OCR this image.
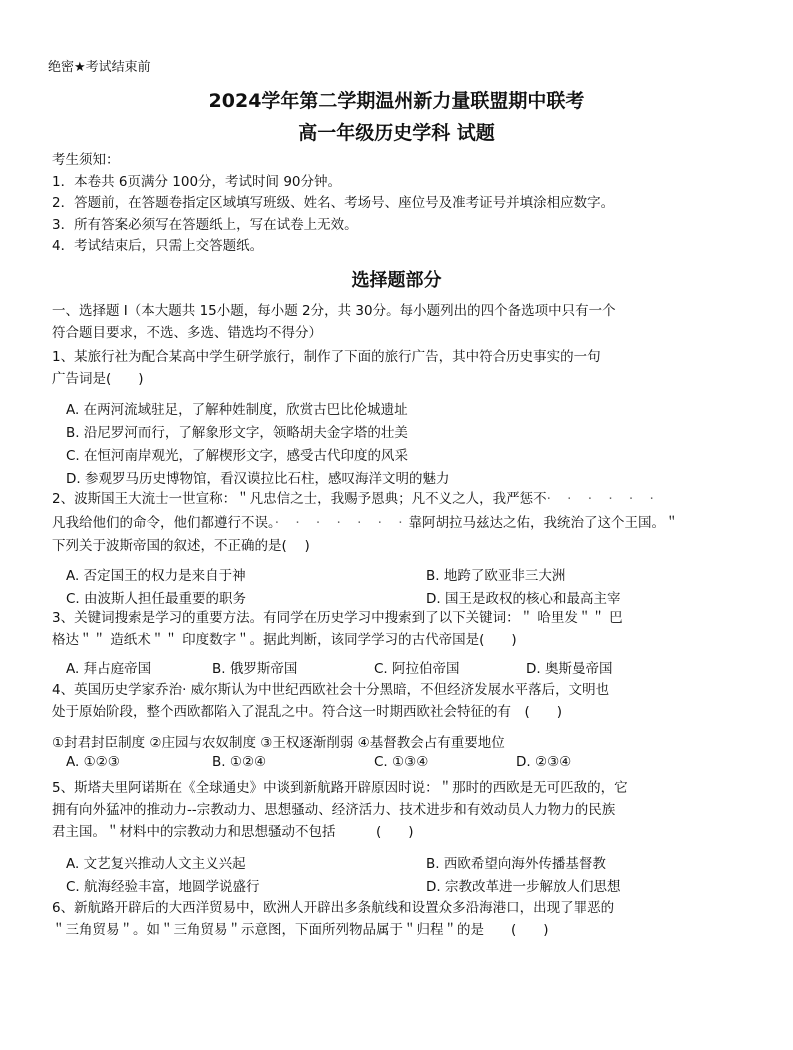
绝密★考试结束前
2024学年第二学期温州新力量联盟期中联考
高一年级历史学科 试题
考生须知：
1．本卷共 6页满分 100分，考试时间 90分钟。
2．答题前，在答题卷指定区域填写班级、姓名、考场号、座位号及准考证号并填涂相应数字。
3．所有答案必须写在答题纸上，写在试卷上无效。
4．考试结束后，只需上交答题纸。
选择题部分
一、选择题 I（本大题共 15小题，每小题 2分，共 30分。每小题列出的四个备选项中只有一个
符合题目要求，不选、多选、错选均不得分）
1、某旅行社为配合某高中学生研学旅行，制作了下面的旅行广告，其中符合历史事实的一句
广告词是(　　)
A. 在两河流域驻足，了解种姓制度，欣赏古巴比伦城遗址
B. 沿尼罗河而行，了解象形文字，领略胡夫金字塔的壮美
C. 在恒河南岸观光，了解楔形文字，感受古代印度的风采
D. 参观罗马历史博物馆，看汉谟拉比石柱，感叹海洋文明的魅力
2、波斯国王大流士一世宣称：＂凡忠信之士，我赐予恩典；凡不义之人，我严惩不· · · · · ·
凡我给他们的命令，他们都遵行不误。· · · · · · ·靠阿胡拉马兹达之佑，我统治了这个王国。＂
下列关于波斯帝国的叙述，不正确的是(　 )
A. 否定国王的权力是来自于神	B. 地跨了欧亚非三大洲
C. 由波斯人担任最重要的职务	D. 国王是政权的核心和最高主宰
3、关键词搜索是学习的重要方法。有同学在历史学习中搜索到了以下关键词：＂ 哈里发＂＂ 巴
格达＂＂ 造纸术＂＂ 印度数字＂。据此判断，该同学学习的古代帝国是(　　)
A. 拜占庭帝国	B. 俄罗斯帝国	C. 阿拉伯帝国	D. 奥斯曼帝国
4、英国历史学家乔治· 威尔斯认为中世纪西欧社会十分黑暗，不但经济发展水平落后，文明也
处于原始阶段，整个西欧都陷入了混乱之中。符合这一时期西欧社会特征的有　(　　)
①封君封臣制度 ②庄园与农奴制度 ③王权逐渐削弱 ④基督教会占有重要地位
A. ①②③	B. ①②④	C. ①③④	D. ②③④
5、斯塔夫里阿诺斯在《全球通史》中谈到新航路开辟原因时说：＂那时的西欧是无可匹敌的，它
拥有向外猛冲的推动力--宗教动力、思想骚动、经济活力、技术进步和有效动员人力物力的民族
君主国。＂材料中的宗教动力和思想骚动不包括　　　(　　)
A. 文艺复兴推动人文主义兴起	B. 西欧希望向海外传播基督教
C. 航海经验丰富，地圆学说盛行	D. 宗教改革进一步解放人们思想
6、新航路开辟后的大西洋贸易中，欧洲人开辟出多条航线和设置众多沿海港口，出现了罪恶的
＂三角贸易＂。如＂三角贸易＂示意图，下面所列物品属于＂归程＂的是　　(　　)
